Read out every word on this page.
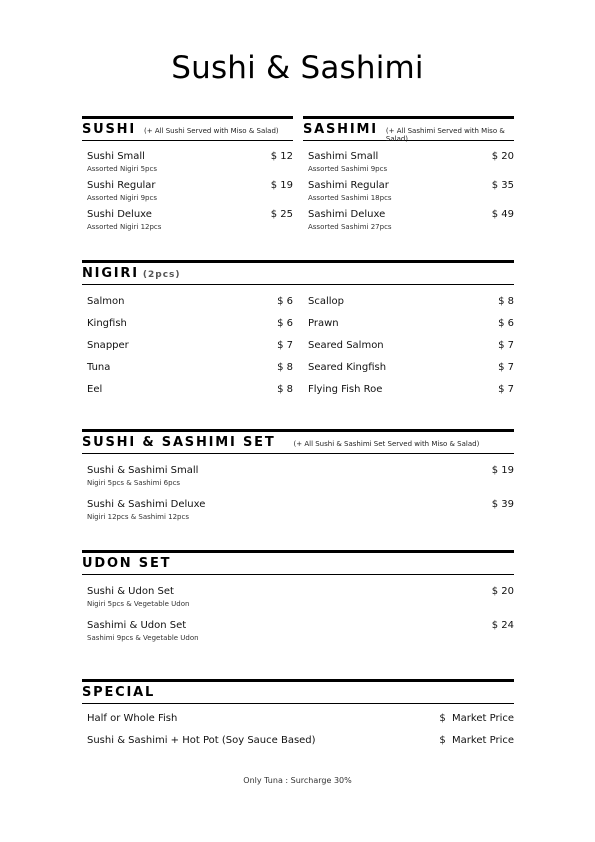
Sushi & Sashimi
SUSHI (+ All Sushi Served with Miso & Salad)
Sushi Small
Assorted Nigiri 5pcs
$ 12
Sushi Regular
Assorted Nigiri 9pcs
$ 19
Sushi Deluxe
Assorted Nigiri 12pcs
$ 25
SASHIMI (+ All Sashimi Served with Miso & Salad)
Sashimi Small
Assorted Sashimi 9pcs
$ 20
Sashimi Regular
Assorted Sashimi 18pcs
$ 35
Sashimi Deluxe
Assorted Sashimi 27pcs
$ 49
NIGIRI (2pcs)
Salmon	$ 6
Kingfish	$ 6
Snapper	$ 7
Tuna	$ 8
Eel	$ 8
Scallop	$ 8
Prawn	$ 6
Seared Salmon	$ 7
Seared Kingfish	$ 7
Flying Fish Roe	$ 7
SUSHI & SASHIMI SET	(+ All Sushi & Sashimi Set Served with Miso & Salad)
Sushi & Sashimi Small
Nigiri 5pcs & Sashimi 6pcs
$ 19
Sushi & Sashimi Deluxe
Nigiri 12pcs & Sashimi 12pcs
$ 39
UDON SET
Sushi & Udon Set
Nigiri 5pcs & Vegetable Udon
$ 20
Sashimi & Udon Set
Sashimi 9pcs & Vegetable Udon
$ 24
SPECIAL
Half or Whole Fish	$  Market Price
Sushi & Sashimi + Hot Pot (Soy Sauce Based)	$  Market Price
Only Tuna : Surcharge 30%
